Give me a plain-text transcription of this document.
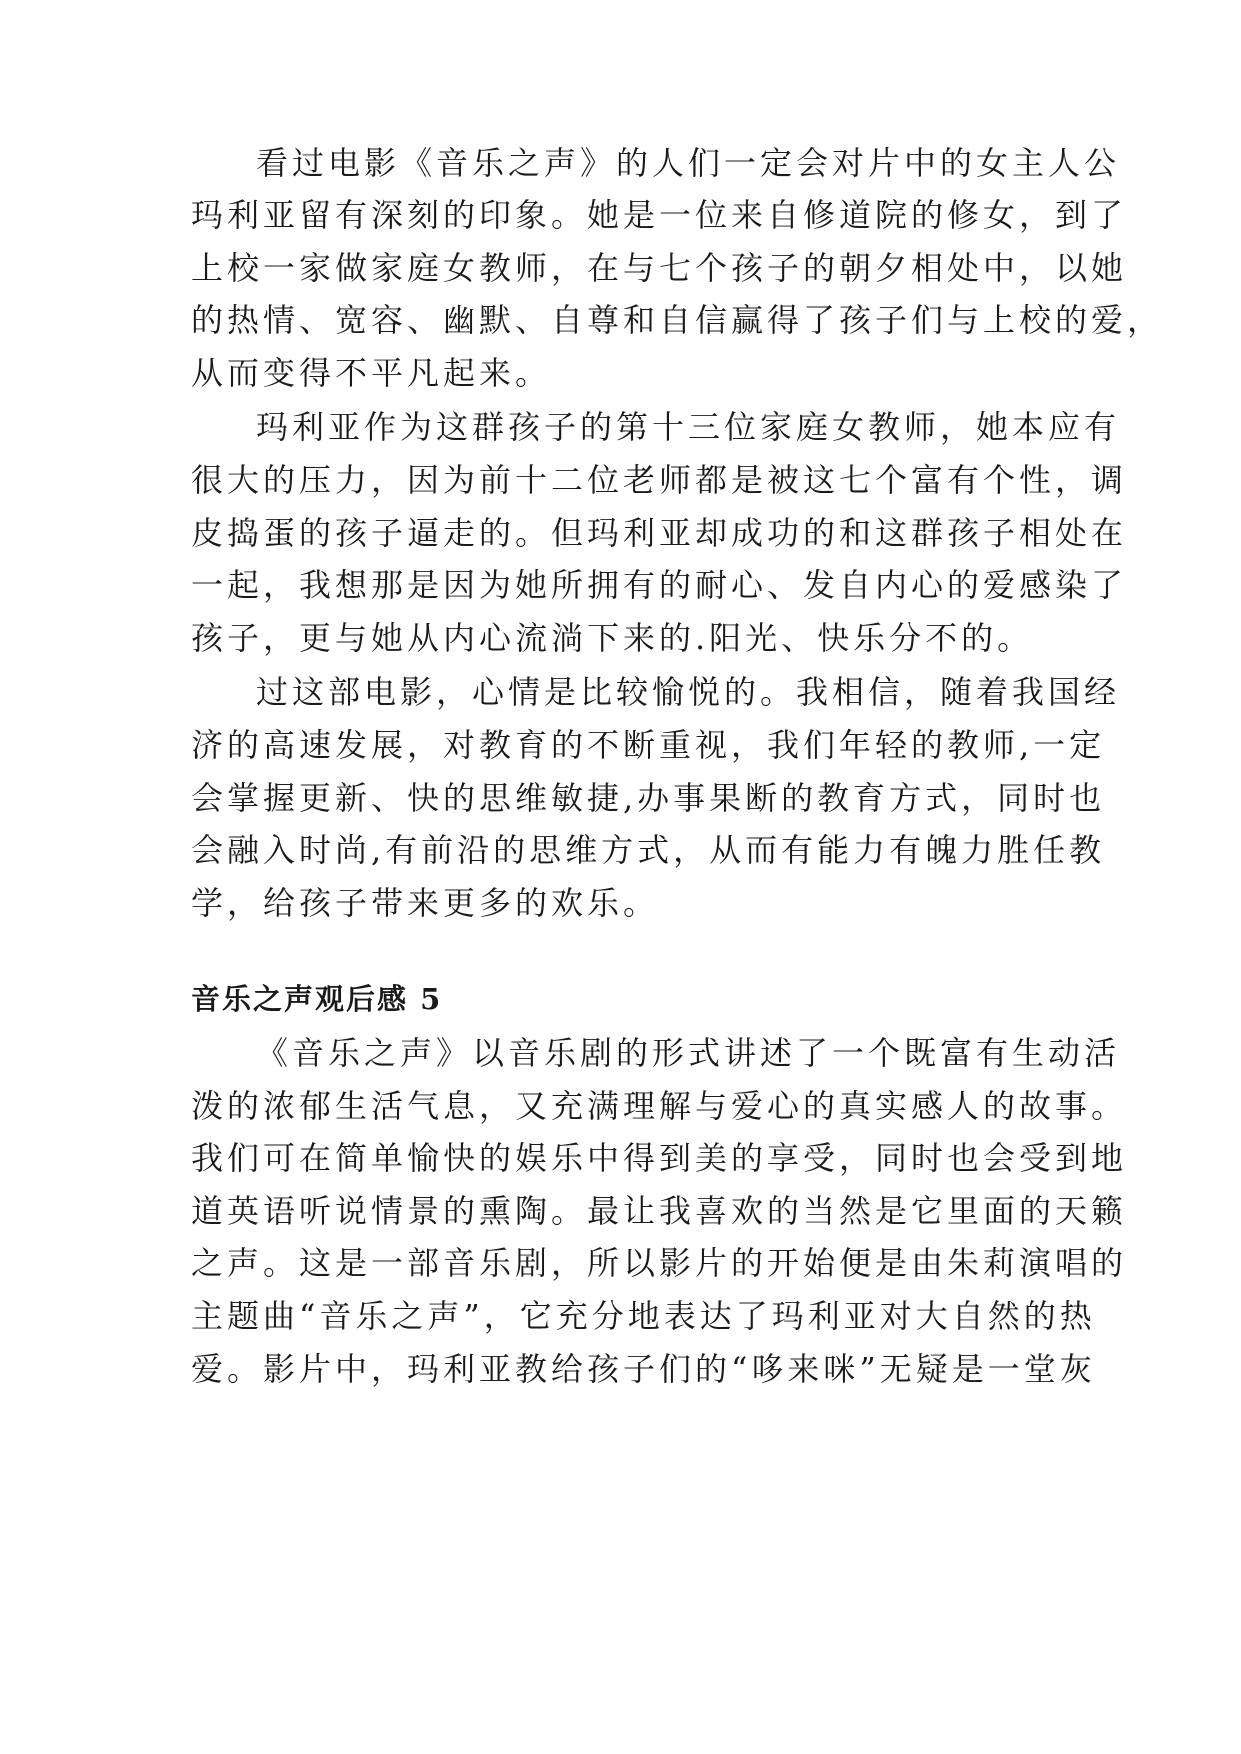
看过电影《音乐之声》的人们一定会对片中的女主人公

玛利亚留有深刻的印象。她是一位来自修道院的修女，到了

上校一家做家庭女教师，在与七个孩子的朝夕相处中，以她

的热情、宽容、幽默、自尊和自信赢得了孩子们与上校的爱，

从而变得不平凡起来。

玛利亚作为这群孩子的第十三位家庭女教师，她本应有

很大的压力，因为前十二位老师都是被这七个富有个性，调

皮捣蛋的孩子逼走的。但玛利亚却成功的和这群孩子相处在

一起，我想那是因为她所拥有的耐心、发自内心的爱感染了

孩子，更与她从内心流淌下来的.阳光、快乐分不的。

过这部电影，心情是比较愉悦的。我相信，随着我国经

济的高速发展，对教育的不断重视，我们年轻的教师,一定

会掌握更新、快的思维敏捷,办事果断的教育方式，同时也

会融入时尚,有前沿的思维方式，从而有能力有魄力胜任教

学，给孩子带来更多的欢乐。

音乐之声观后感 5

《音乐之声》以音乐剧的形式讲述了一个既富有生动活

泼的浓郁生活气息，又充满理解与爱心的真实感人的故事。

我们可在简单愉快的娱乐中得到美的享受，同时也会受到地

道英语听说情景的熏陶。最让我喜欢的当然是它里面的天籁

之声。这是一部音乐剧，所以影片的开始便是由朱莉演唱的

主题曲“音乐之声”，它充分地表达了玛利亚对大自然的热

爱。影片中，玛利亚教给孩子们的“哆来咪”无疑是一堂灰
